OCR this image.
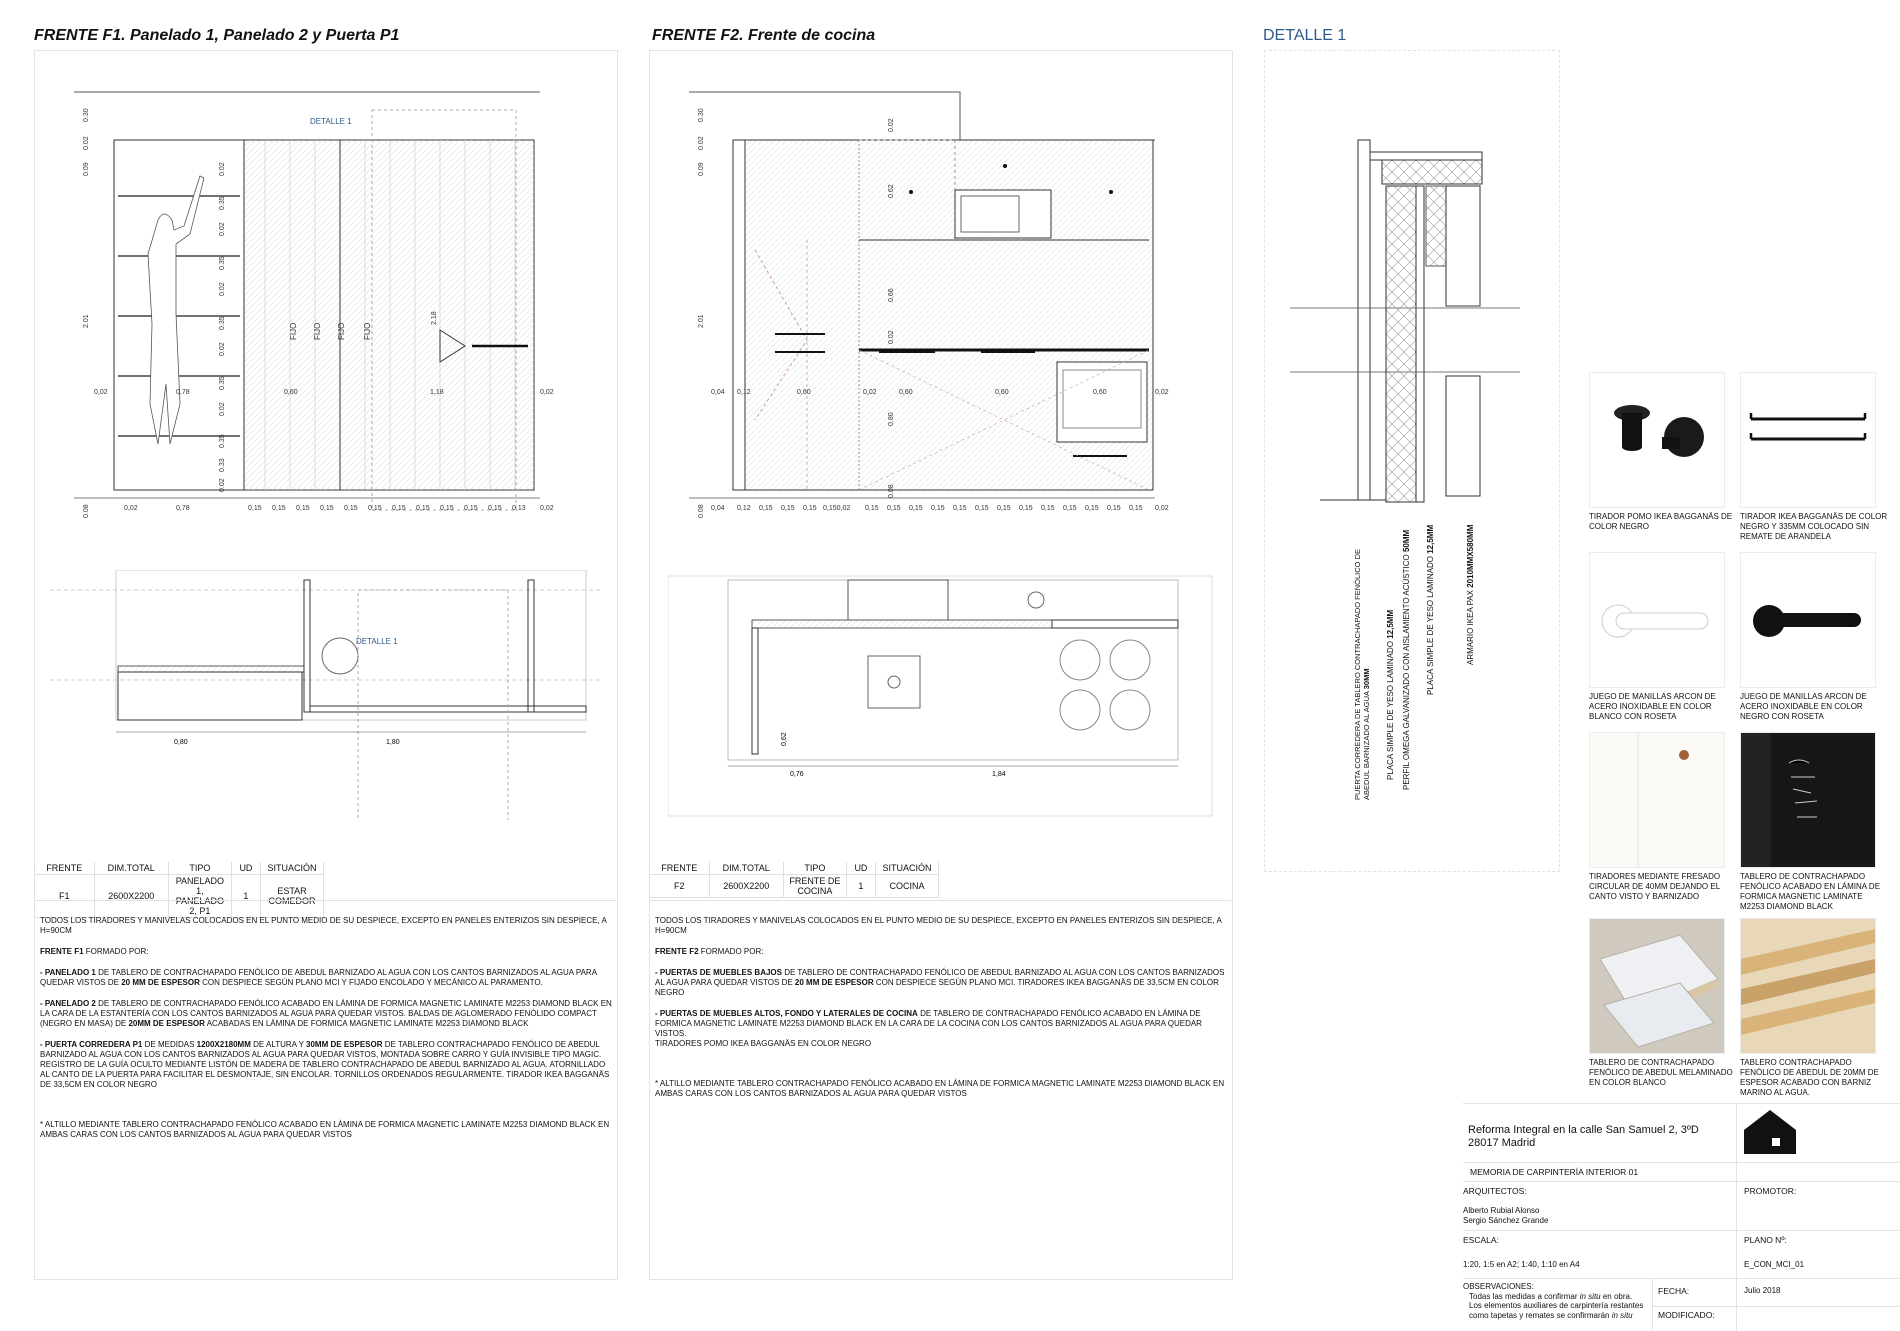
FRENTE F1. Panelado 1, Panelado 2 y Puerta P1	FRENTE F2. Frente de cocina	DETALLE 1
DETALLE 1
FIJO FIJO FIJO FIJO
2.18
2.01
0.30
0.02
0.09
0.08
0.02
0.35
0.02
0.35
0.02
0.35
0.02
0.35
0.02
0.35
0.33
0.02
0,02	0,78	0,60	1,18	0,02
0,02	0,78	0,15 0,15 0,15 0,15 0,15 0,15 0,15 0,15 0,15 0,15 0,15 0,13 0,02
DETALLE 1
0,80	1,80
FRENTE	DIM.TOTAL	TIPO	UD	SITUACIÓN
F1	2600X2200	PANELADO 1, PANELADO 2, P1	1	ESTAR COMEDOR

TODOS LOS TIRADORES Y MANIVELAS COLOCADOS EN EL PUNTO MEDIO DE SU DESPIECE, EXCEPTO EN PANELES ENTERIZOS SIN DESPIECE, A H=90CM

FRENTE F1 FORMADO POR:

- PANELADO 1 DE TABLERO DE CONTRACHAPADO FENÓLICO DE ABEDUL BARNIZADO AL AGUA CON LOS CANTOS BARNIZADOS AL AGUA PARA QUEDAR VISTOS DE 20 MM DE ESPESOR CON DESPIECE SEGÚN PLANO MCI Y FIJADO ENCOLADO Y MECÁNICO AL PARAMENTO.

- PANELADO 2 DE TABLERO DE CONTRACHAPADO FENÓLICO ACABADO EN LÁMINA DE FORMICA MAGNETIC LAMINATE M2253 DIAMOND BLACK EN LA CARA DE LA ESTANTERÍA CON LOS CANTOS BARNIZADOS AL AGUA PARA QUEDAR VISTOS. BALDAS DE AGLOMERADO FENÓLIDO COMPACT (NEGRO EN MASA) DE 20MM DE ESPESOR ACABADAS EN LÁMINA DE FORMICA MAGNETIC LAMINATE M2253 DIAMOND BLACK

- PUERTA CORREDERA P1 DE MEDIDAS 1200X2180MM DE ALTURA Y 30MM DE ESPESOR DE TABLERO CONTRACHAPADO FENÓLICO DE ABEDUL BARNIZADO AL AGUA CON LOS CANTOS BARNIZADOS AL AGUA PARA QUEDAR VISTOS, MONTADA SOBRE CARRO Y GUÍA INVISIBLE TIPO MAGIC. REGISTRO DE LA GUÍA OCULTO MEDIANTE LISTÓN DE MADERA DE TABLERO CONTRACHAPADO DE ABEDUL BARNIZADO AL AGUA. ATORNILLADO AL CANTO DE LA PUERTA PARA FACILITAR EL DESMONTAJE, SIN ENCOLAR. TORNILLOS ORDENADOS REGULARMENTE. TIRADOR IKEA BAGGANÄS DE 33,5CM EN COLOR NEGRO

* ALTILLO MEDIANTE TABLERO CONTRACHAPADO FENÓLICO ACABADO EN LÁMINA DE FORMICA MAGNETIC LAMINATE M2253 DIAMOND BLACK EN AMBAS CARAS CON LOS CANTOS BARNIZADOS AL AGUA PARA QUEDAR VISTOS

0.30
0.02
0.09
2.01
0.08
0.02
0.62
0.66
0.02
0.80
0.08
0,04 0,12	0,60	0,02	0,60	0,60	0,60	0,02
0,04 0,12 0,15 0,15 0,15 0,150,02 0,15 0,15 0,15 0,15 0,15 0,15 0,15 0,15 0,15 0,15 0,15 0,15 0,15 0,02
0,62
0,76	1,84
FRENTE	DIM.TOTAL	TIPO	UD	SITUACIÓN
F2	2600X2200	FRENTE DE COCINA	1	COCINA

TODOS LOS TIRADORES Y MANIVELAS COLOCADOS EN EL PUNTO MEDIO DE SU DESPIECE, EXCEPTO EN PANELES ENTERIZOS SIN DESPIECE, A H=90CM

FRENTE F2 FORMADO POR:

- PUERTAS DE MUEBLES BAJOS DE TABLERO DE CONTRACHAPADO FENÓLICO DE ABEDUL BARNIZADO AL AGUA CON LOS CANTOS BARNIZADOS AL AGUA PARA QUEDAR VISTOS DE 20 MM DE ESPESOR CON DESPIECE SEGÚN PLANO MCI. TIRADORES IKEA BAGGANÄS DE 33,5CM EN COLOR NEGRO

- PUERTAS DE MUEBLES ALTOS, FONDO Y LATERALES DE COCINA DE TABLERO DE CONTRACHAPADO FENÓLICO ACABADO EN LÁMINA DE FORMICA MAGNETIC LAMINATE M2253 DIAMOND BLACK EN LA CARA DE LA COCINA CON LOS CANTOS BARNIZADOS AL AGUA PARA QUEDAR VISTOS.

TIRADORES POMO IKEA BAGGANÄS EN COLOR NEGRO

* ALTILLO MEDIANTE TABLERO CONTRACHAPADO FENÓLICO ACABADO EN LÁMINA DE FORMICA MAGNETIC LAMINATE M2253 DIAMOND BLACK EN AMBAS CARAS CON LOS CANTOS BARNIZADOS AL AGUA PARA QUEDAR VISTOS

PUERTA CORREDERA DE TABLERO CONTRACHAPADO FENÓLICO DE ABEDUL BARNIZADO AL AGUA 30MM PLACA SIMPLE DE YESO LAMINADO 12,5MM PERFIL OMEGA GALVANIZADO CON AISLAMIENTO ACÚSTICO 50MM
PLACA SIMPLE DE YESO LAMINADO 12,5MM
ARMARIO IKEA PAX 2010MMX580MM
TIRADOR POMO IKEA BAGGANÄS DE COLOR NEGRO
TIRADOR IKEA BAGGANÄS DE COLOR NEGRO Y 335MM COLOCADO SIN REMATE DE ARANDELA
JUEGO DE MANILLAS ARCON DE ACERO INOXIDABLE EN COLOR BLANCO CON ROSETA
JUEGO DE MANILLAS ARCON DE ACERO INOXIDABLE EN COLOR NEGRO CON ROSETA
TIRADORES MEDIANTE FRESADO CIRCULAR DE 40MM DEJANDO EL CANTO VISTO Y BARNIZADO
TABLERO DE CONTRACHAPADO FENÓLICO ACABADO EN LÁMINA DE FORMICA MAGNETIC LAMINATE M2253 DIAMOND BLACK
TABLERO DE CONTRACHAPADO FENÓLICO DE ABEDUL MELAMINADO EN COLOR BLANCO
TABLERO CONTRACHAPADO FENÓLICO DE ABEDUL DE 20MM DE ESPESOR ACABADO CON BARNIZ MARINO AL AGUA.
Reforma Integral en la calle San Samuel 2, 3ºD
28017 Madrid
MEMORIA DE CARPINTERÍA INTERIOR 01
ARQUITECTOS:	PROMOTOR:
Alberto Rubial Alonso
Sergio Sánchez Grande
ESCALA:	PLANO Nº:
1:20, 1:5 en A2; 1:40, 1:10 en A4	E_CON_MCI_01
OBSERVACIONES:
Todas las medidas a confirmar in situ en obra.
Los elementos auxiliares de carpintería restantes
como tapetas y remates se confirmarán in situ
FECHA:	Julio 2018
MODIFICADO:
